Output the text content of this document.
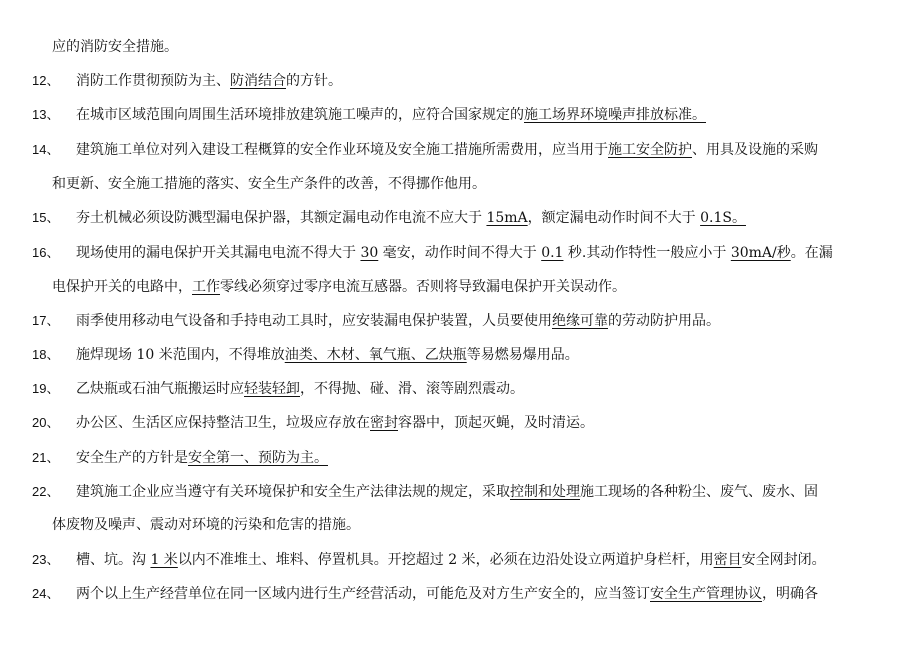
应的消防安全措施。
12、	消防工作贯彻预防为主、防消结合的方针。
13、	在城市区域范围向周围生活环境排放建筑施工噪声的，应符合国家规定的施工场界环境噪声排放标准。
14、	建筑施工单位对列入建设工程概算的安全作业环境及安全施工措施所需费用，应当用于施工安全防护、用具及设施的采购
和更新、安全施工措施的落实、安全生产条件的改善，不得挪作他用。
15、	夯土机械必须设防溅型漏电保护器，其额定漏电动作电流不应大于 15mA，额定漏电动作时间不大于 0.1S。
16、	现场使用的漏电保护开关其漏电电流不得大于 30 毫安，动作时间不得大于 0.1 秒.其动作特性一般应小于 30mA/秒。在漏
电保护开关的电路中，工作零线必须穿过零序电流互感器。否则将导致漏电保护开关误动作。
17、	雨季使用移动电气设备和手持电动工具时，应安装漏电保护装置，人员要使用绝缘可靠的劳动防护用品。
18、	施焊现场 10 米范围内，不得堆放油类、木材、氧气瓶、乙炔瓶等易燃易爆用品。
19、	乙炔瓶或石油气瓶搬运时应轻装轻卸，不得抛、碰、滑、滚等剧烈震动。
20、	办公区、生活区应保持整洁卫生，垃圾应存放在密封容器中，顶起灭蝇，及时清运。
21、	安全生产的方针是安全第一、预防为主。
22、	建筑施工企业应当遵守有关环境保护和安全生产法律法规的规定，采取控制和处理施工现场的各种粉尘、废气、废水、固
体废物及噪声、震动对环境的污染和危害的措施。
23、	槽、坑。沟 1 米以内不准堆土、堆料、停置机具。开挖超过 2 米，必须在边沿处设立两道护身栏杆，用密目安全网封闭。
24、	两个以上生产经营单位在同一区域内进行生产经营活动，可能危及对方生产安全的，应当签订安全生产管理协议，明确各
